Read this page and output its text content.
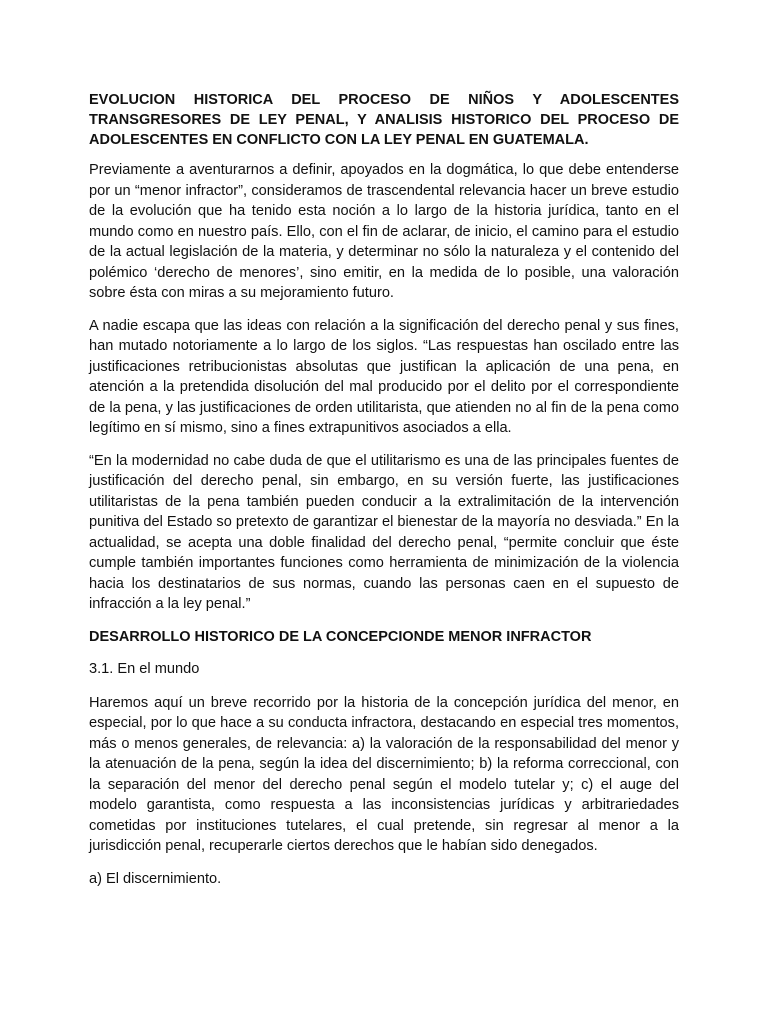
EVOLUCION HISTORICA DEL PROCESO DE NIÑOS Y ADOLESCENTES TRANSGRESORES DE LEY PENAL, Y ANALISIS HISTORICO DEL PROCESO DE ADOLESCENTES EN CONFLICTO CON LA LEY PENAL EN GUATEMALA.

Previamente a aventurarnos a definir, apoyados en la dogmática, lo que debe entenderse por un “menor infractor”, consideramos de trascendental relevancia hacer un breve estudio de la evolución que ha tenido esta noción a lo largo de la historia jurídica, tanto en el mundo como en nuestro país. Ello, con el fin de aclarar, de inicio, el camino para el estudio de la actual legislación de la materia, y determinar no sólo la naturaleza y el contenido del polémico ‘derecho de menores’, sino emitir, en la medida de lo posible, una valoración sobre ésta con miras a su mejoramiento futuro.

A nadie escapa que las ideas con relación a la significación del derecho penal y sus fines, han mutado notoriamente a lo largo de los siglos. “Las respuestas han oscilado entre las justificaciones retribucionistas absolutas que justifican la aplicación de una pena, en atención a la pretendida disolución del mal producido por el delito por el correspondiente de la pena, y las justificaciones de orden utilitarista, que atienden no al fin de la pena como legítimo en sí mismo, sino a fines extrapunitivos asociados a ella.

“En la modernidad no cabe duda de que el utilitarismo es una de las principales fuentes de justificación del derecho penal, sin embargo, en su versión fuerte, las justificaciones utilitaristas de la pena también pueden conducir a la extralimitación de la intervención punitiva del Estado so pretexto de garantizar el bienestar de la mayoría no desviada.” En la actualidad, se acepta una doble finalidad del derecho penal, “permite concluir que éste cumple también importantes funciones como herramienta de minimización de la violencia hacia los destinatarios de sus normas, cuando las personas caen en el supuesto de infracción a la ley penal.”

DESARROLLO HISTORICO DE LA CONCEPCIONDE MENOR INFRACTOR

3.1. En el mundo

Haremos aquí un breve recorrido por la historia de la concepción jurídica del menor, en especial, por lo que hace a su conducta infractora, destacando en especial tres momentos, más o menos generales, de relevancia: a) la valoración de la responsabilidad del menor y la atenuación de la pena, según la idea del discernimiento; b) la reforma correccional, con la separación del menor del derecho penal según el modelo tutelar y; c) el auge del modelo garantista, como respuesta a las inconsistencias jurídicas y arbitrariedades cometidas por instituciones tutelares, el cual pretende, sin regresar al menor a la jurisdicción penal, recuperarle ciertos derechos que le habían sido denegados.

a) El discernimiento.
